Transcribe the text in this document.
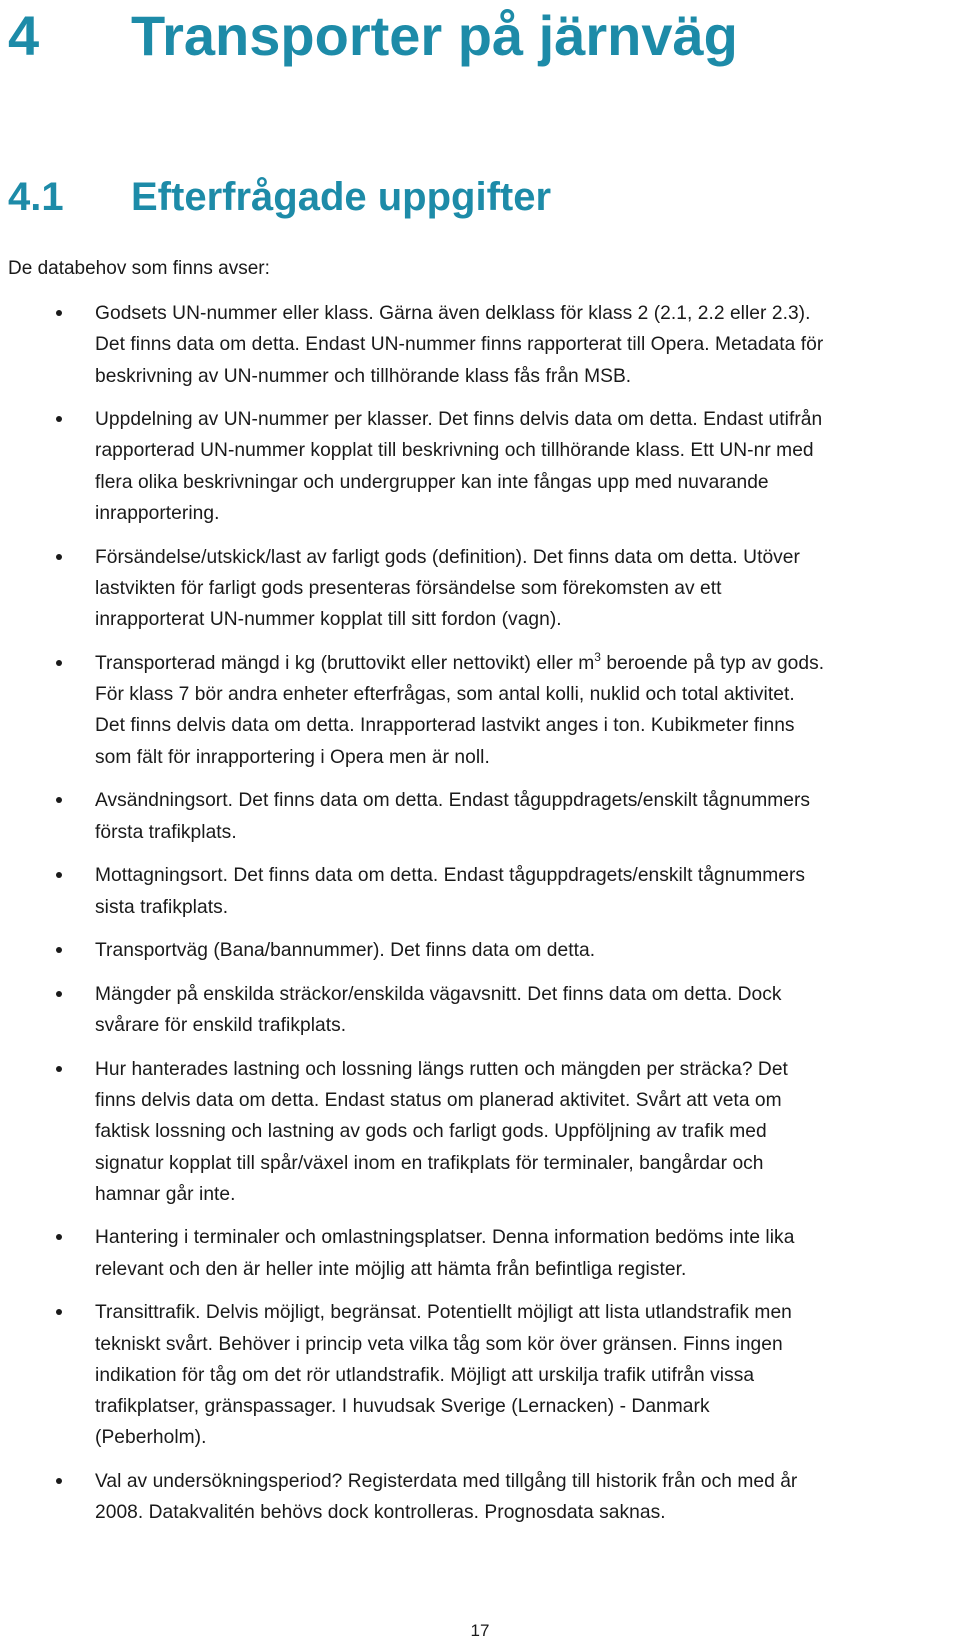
4 Transporter på järnväg
4.1 Efterfrågade uppgifter
De databehov som finns avser:
Godsets UN-nummer eller klass. Gärna även delklass för klass 2 (2.1, 2.2 eller 2.3).
Det finns data om detta. Endast UN-nummer finns rapporterat till Opera. Metadata för
beskrivning av UN-nummer och tillhörande klass fås från MSB.
Uppdelning av UN-nummer per klasser. Det finns delvis data om detta. Endast utifrån
rapporterad UN-nummer kopplat till beskrivning och tillhörande klass. Ett UN-nr med
flera olika beskrivningar och undergrupper kan inte fångas upp med nuvarande
inrapportering.
Försändelse/utskick/last av farligt gods (definition). Det finns data om detta. Utöver
lastvikten för farligt gods presenteras försändelse som förekomsten av ett
inrapporterat UN-nummer kopplat till sitt fordon (vagn).
Transporterad mängd i kg (bruttovikt eller nettovikt) eller $m^3$ beroende på typ av gods.
För klass 7 bör andra enheter efterfrågas, som antal kolli, nuklid och total aktivitet.
Det finns delvis data om detta. Inrapporterad lastvikt anges i ton. Kubikmeter finns
som fält för inrapportering i Opera men är noll.
Avsändningsort. Det finns data om detta. Endast tåguppdragets/enskilt tågnummers
första trafikplats.
Mottagningsort. Det finns data om detta. Endast tåguppdragets/enskilt tågnummers
sista trafikplats.
Transportväg (Bana/bannummer). Det finns data om detta.
Mängder på enskilda sträckor/enskilda vägavsnitt. Det finns data om detta. Dock
svårare för enskild trafikplats.
Hur hanterades lastning och lossning längs rutten och mängden per sträcka? Det
finns delvis data om detta. Endast status om planerad aktivitet. Svårt att veta om
faktisk lossning och lastning av gods och farligt gods. Uppföljning av trafik med
signatur kopplat till spår/växel inom en trafikplats för terminaler, bangårdar och
hamnar går inte.
Hantering i terminaler och omlastningsplatser. Denna information bedöms inte lika
relevant och den är heller inte möjlig att hämta från befintliga register.
Transittrafik. Delvis möjligt, begränsat. Potentiellt möjligt att lista utlandstrafik men
tekniskt svårt. Behöver i princip veta vilka tåg som kör över gränsen. Finns ingen
indikation för tåg om det rör utlandstrafik. Möjligt att urskilja trafik utifrån vissa
trafikplatser, gränspassager. I huvudsak Sverige (Lernacken) - Danmark
(Peberholm).
Val av undersökningsperiod? Registerdata med tillgång till historik från och med år
2008. Datakvalitén behövs dock kontrolleras. Prognosdata saknas.
17
